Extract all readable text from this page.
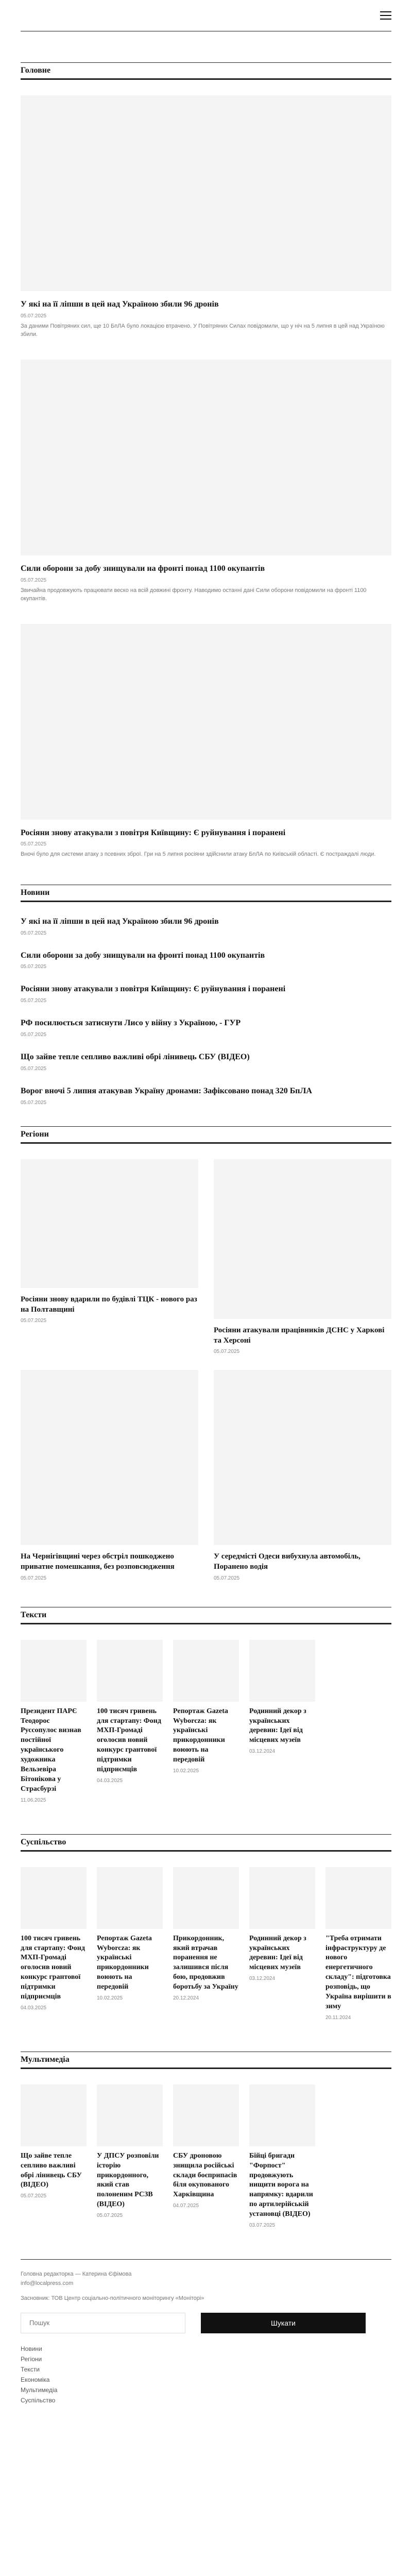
Головне
У які на її ліпши в цей над Україною збили 96 дронів
05.07.2025
За даними Повітряних сил, ще 10 БпЛА було локацією втрачено. У Повітряних Силах повідомили, що у ніч на 5 липня в цей над Україною збили.
Сили оборони за добу знищували на фронті понад 1100 окупантів
05.07.2025
Звичайна продовжують працювати веско на всій довжині фронту. Наводимо останні дані Сили оборони повідомили на фронті 1100 окупантів.
Росіяни знову атакували з повітря Київщину: Є руйнування і поранені
05.07.2025
Вночі було для системи атаку з псевних зброї. Гри на 5 липня росіяни здійснили атаку БпЛА по Київській області. Є постраждалі люди.
Новини
У які на її ліпши в цей над Україною збили 96 дронів
05.07.2025
Сили оборони за добу знищували на фронті понад 1100 окупантів
05.07.2025
Росіяни знову атакували з повітря Київщину: Є руйнування і поранені
05.07.2025
РФ посилюється затиснути Лисо у війну з Україною, - ГУР
05.07.2025
Що зайве тепле сепливо важливі обрі лінивець СБУ (ВІДЕО)
05.07.2025
Ворог вночі 5 липня атакував Україну дронами: Зафіксовано понад 320 БпЛА
05.07.2025
Регіони
Росіяни знову вдарили по будівлі ТЦК - нового раз на Полтавщині
05.07.2025
Росіяни атакували працівників ДСНС у Харкові та Херсоні
05.07.2025
На Чернігівщині через обстріл пошкоджено приватне помешкання, без розповсюдження
05.07.2025
У середмісті Одеси вибухнула автомобіль, Поранено водія
05.07.2025
Тексти
Президент ПАРЄ Теодорос Руссопулос визнав постійної українського художника Вельзевіра Бітонікова у Страсбурзі
11.06.2025
100 тисяч гривень для стартапу: Фонд МХП-Громаді оголосив новий конкурс грантової підтримки підприємців
04.03.2025
Репортаж Gazeta Wyborcza: як українські прикордонники воюють на передовій
10.02.2025
Родинний декор з українських деревин: Ідеї від місцевих музеїв
03.12.2024
Суспільство
100 тисяч гривень для стартапу: Фонд МХП-Громаді оголосив новий конкурс грантової підтримки підприємців
04.03.2025
Репортаж Gazeta Wyborcza: як українські прикордонники воюють на передовій
10.02.2025
Прикордонник, який втрачав поранення не залишився після бою, продовжив боротьбу за Україну
20.12.2024
Родинний декор з українських деревин: Ідеї від місцевих музеїв
03.12.2024
"Треба отримати інфраструктуру де нового енергетичного складу": підготовка розповідь, що Україна вирішити в зиму
20.11.2024
Мультимедіа
Що зайве тепле сепливо важливі обрі лінивець СБУ (ВІДЕО)
05.07.2025
У ДПСУ розповіли історію прикордонного, який став полоненим РСЗВ (ВІДЕО)
05.07.2025
СБУ дроновою знищила російські склади боєприпасів біля окупованого Харківщина
04.07.2025
Бійці бригади "Форпост" продовжують нищити ворога на напрямку: вдарили по артилерійській установці (ВІДЕО)
03.07.2025
Головна редакторка — Катерина Єфімова
info@localpress.com
Засновник: ТОВ Центр соціально-політичного моніторингу «Моніторі»
Пошук
Шукати
Новини
Регіони
Тексти
Економіка
Мультимедіа
Суспільство
